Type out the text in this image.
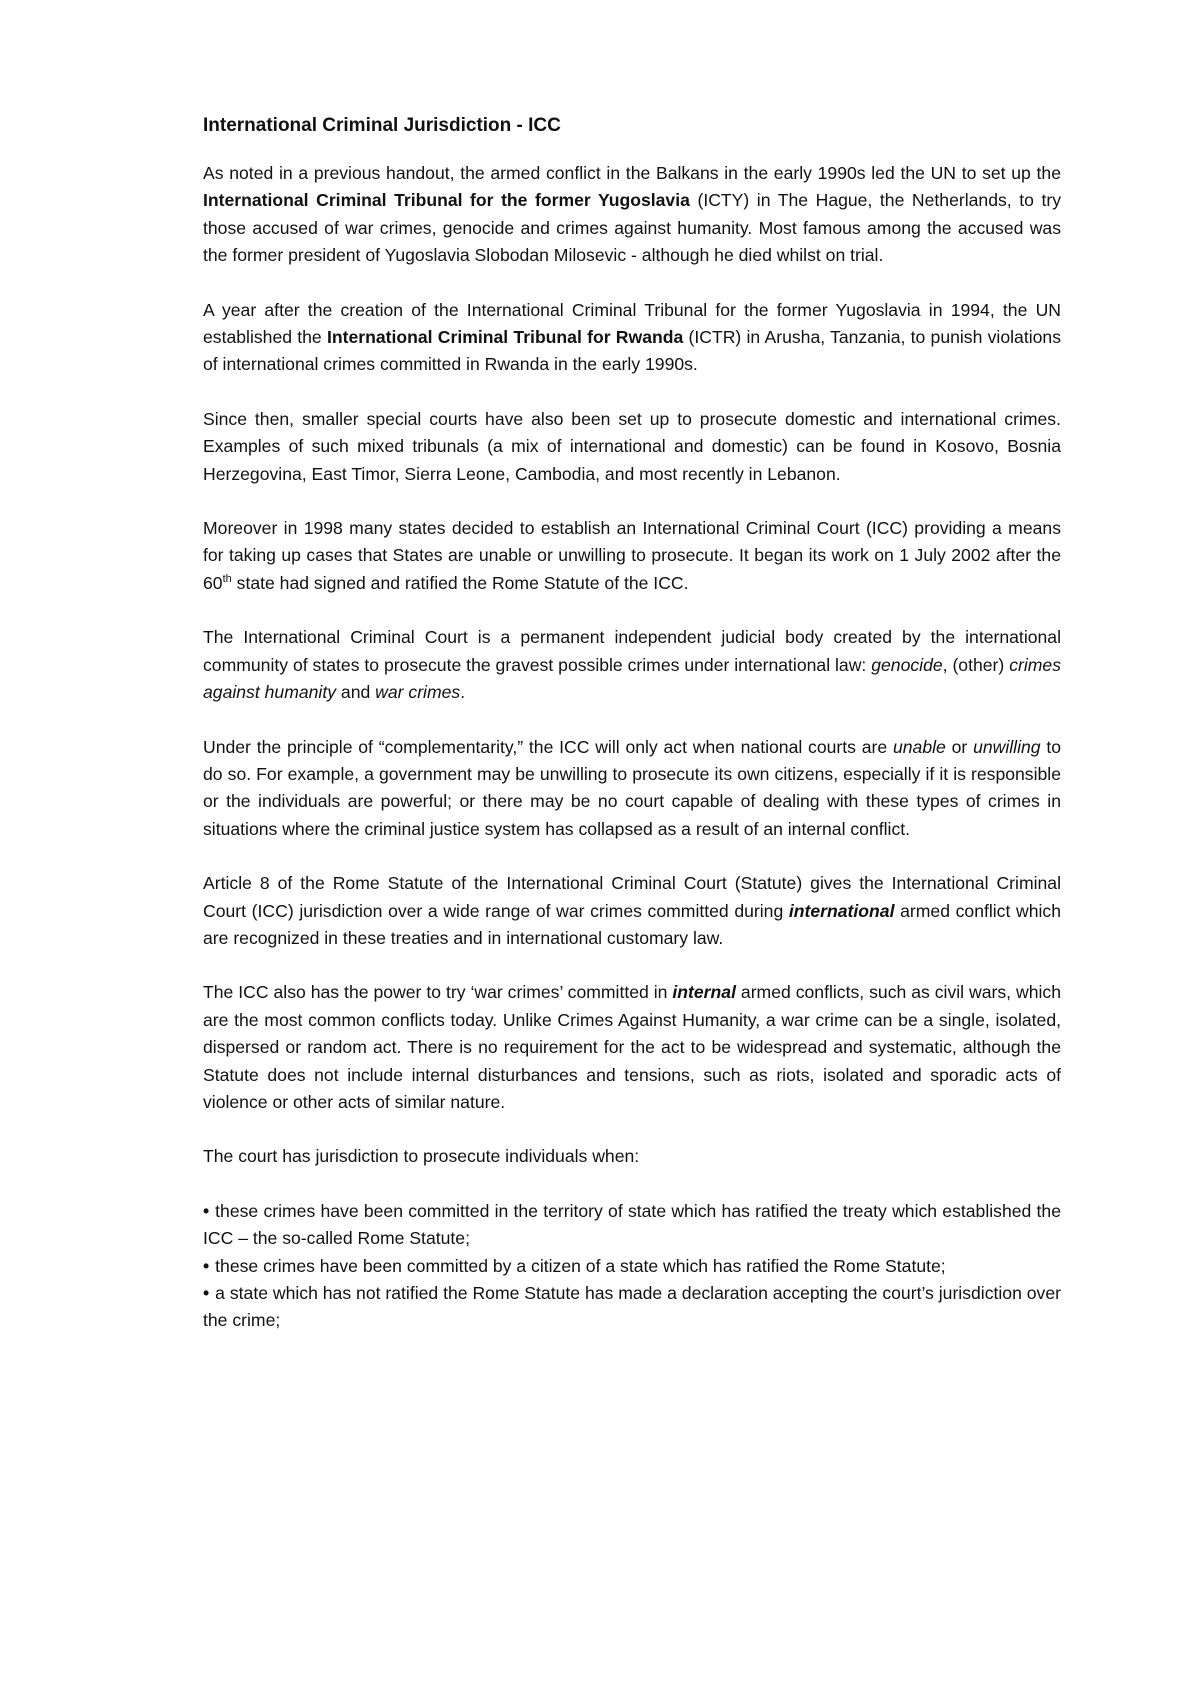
International Criminal Jurisdiction - ICC

As noted in a previous handout, the armed conflict in the Balkans in the early 1990s led the UN to set up the International Criminal Tribunal for the former Yugoslavia (ICTY) in The Hague, the Netherlands, to try those accused of war crimes, genocide and crimes against humanity. Most famous among the accused was the former president of Yugoslavia Slobodan Milosevic - although he died whilst on trial.

A year after the creation of the International Criminal Tribunal for the former Yugoslavia in 1994, the UN established the International Criminal Tribunal for Rwanda (ICTR) in Arusha, Tanzania, to punish violations of international crimes committed in Rwanda in the early 1990s.

Since then, smaller special courts have also been set up to prosecute domestic and international crimes. Examples of such mixed tribunals (a mix of international and domestic) can be found in Kosovo, Bosnia Herzegovina, East Timor, Sierra Leone, Cambodia, and most recently in Lebanon.

Moreover in 1998 many states decided to establish an International Criminal Court (ICC) providing a means for taking up cases that States are unable or unwilling to prosecute. It began its work on 1 July 2002 after the 60th state had signed and ratified the Rome Statute of the ICC.

The International Criminal Court is a permanent independent judicial body created by the international community of states to prosecute the gravest possible crimes under international law: genocide, (other) crimes against humanity and war crimes.

Under the principle of “complementarity,” the ICC will only act when national courts are unable or unwilling to do so. For example, a government may be unwilling to prosecute its own citizens, especially if it is responsible or the individuals are powerful; or there may be no court capable of dealing with these types of crimes in situations where the criminal justice system has collapsed as a result of an internal conflict.

Article 8 of the Rome Statute of the International Criminal Court (Statute) gives the International Criminal Court (ICC) jurisdiction over a wide range of war crimes committed during international armed conflict which are recognized in these treaties and in international customary law.

The ICC also has the power to try ‘war crimes’ committed in internal armed conflicts, such as civil wars, which are the most common conflicts today. Unlike Crimes Against Humanity, a war crime can be a single, isolated, dispersed or random act. There is no requirement for the act to be widespread and systematic, although the Statute does not include internal disturbances and tensions, such as riots, isolated and sporadic acts of violence or other acts of similar nature.

The court has jurisdiction to prosecute individuals when:

• these crimes have been committed in the territory of state which has ratified the treaty which established the ICC – the so-called Rome Statute;
• these crimes have been committed by a citizen of a state which has ratified the Rome Statute;
• a state which has not ratified the Rome Statute has made a declaration accepting the court’s jurisdiction over the crime;
